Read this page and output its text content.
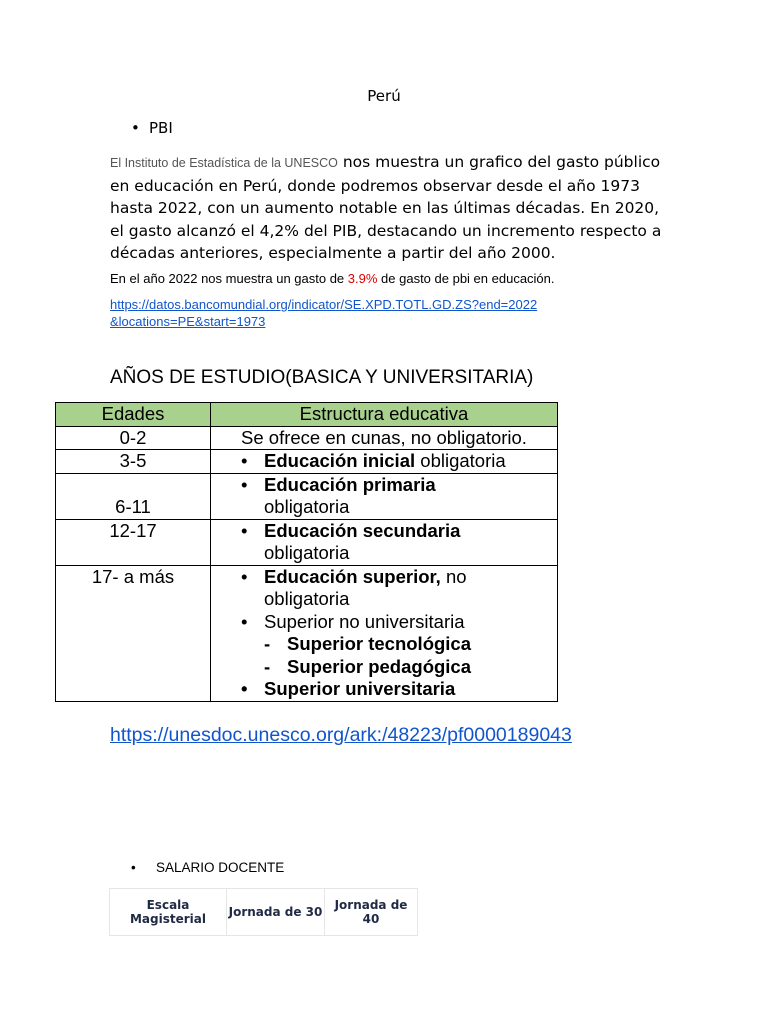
Perú
• PBI
El Instituto de Estadística de la UNESCO nos muestra un grafico del gasto público en educación en Perú, donde podremos observar desde el año 1973 hasta 2022, con un aumento notable en las últimas décadas. En 2020, el gasto alcanzó el 4,2% del PIB, destacando un incremento respecto a décadas anteriores, especialmente a partir del año 2000.
En el año 2022 nos muestra un gasto de 3.9% de gasto de pbi en educación.
https://datos.bancomundial.org/indicator/SE.XPD.TOTL.GD.ZS?end=2022&locations=PE&start=1973
AÑOS DE ESTUDIO(BASICA Y UNIVERSITARIA)
Edades	Estructura educativa
0-2	Se ofrece en cunas, no obligatorio.
3-5	• Educación inicial obligatoria

6-11	• Educación primaria
obligatoria

12-17	• Educación secundaria
obligatoria

17- a más	• Educación superior, no obligatoria
• Superior no universitaria
- Superior tecnológica
- Superior pedagógica
• Superior universitaria
https://unesdoc.unesco.org/ark:/48223/pf0000189043
• SALARIO DOCENTE
Escala Magisterial	Jornada de 30	Jornada de 40
